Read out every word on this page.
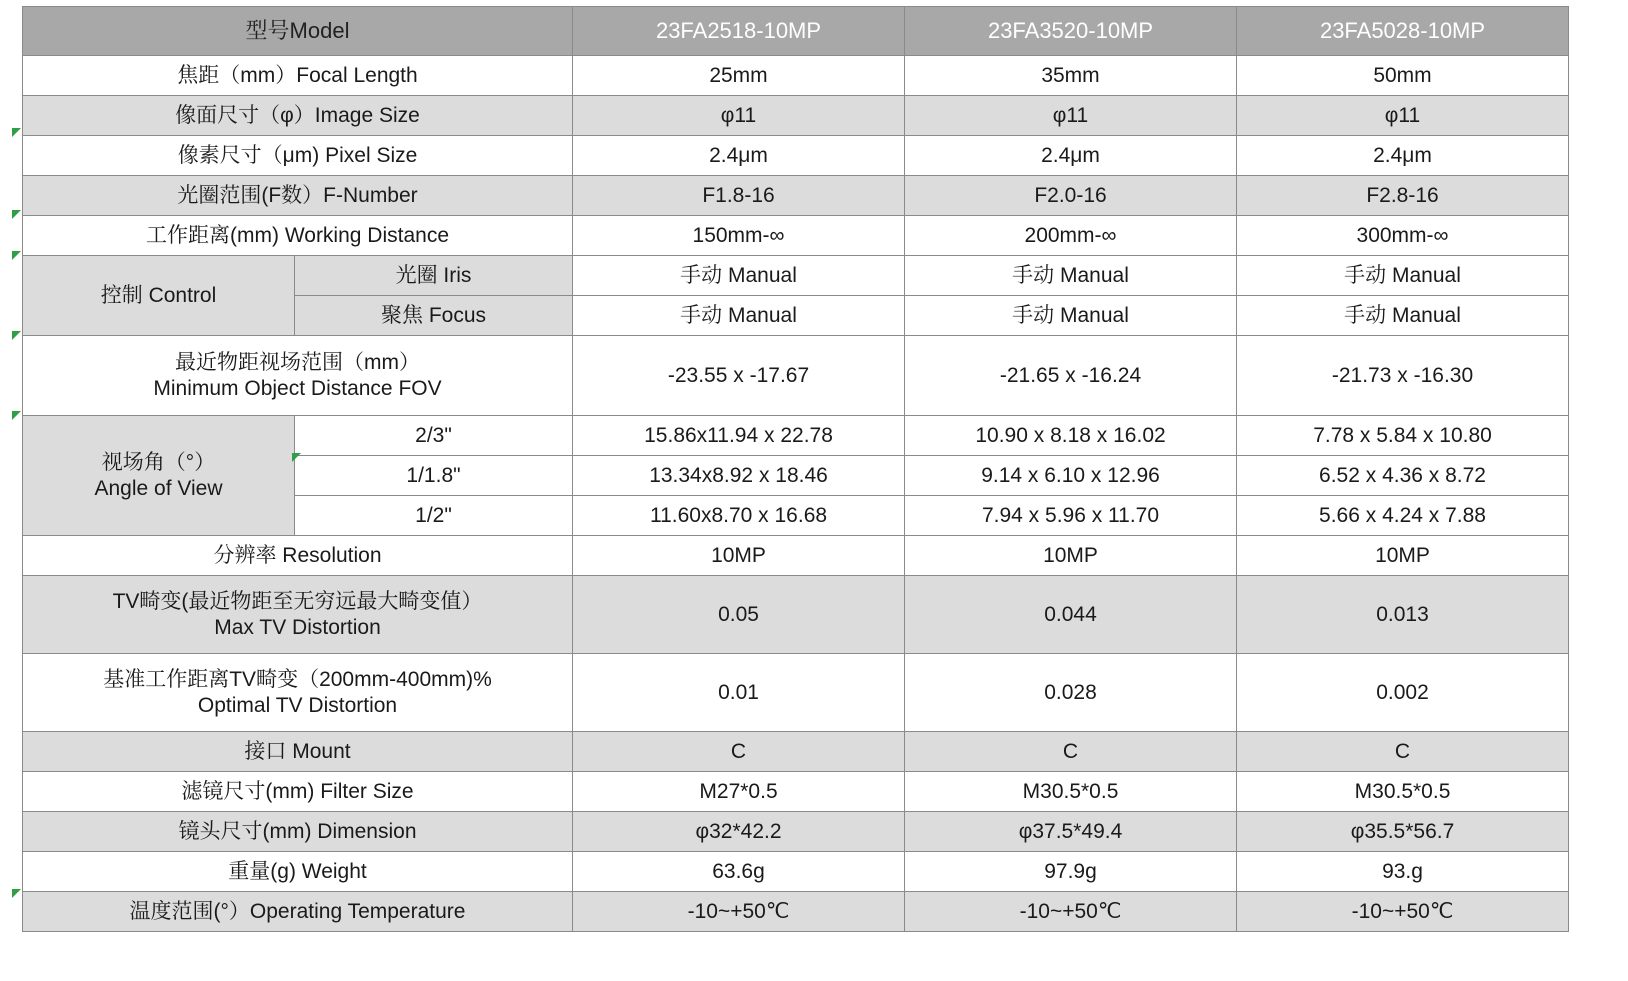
型号Model		23FA2518-10MP	23FA3520-10MP	23FA5028-10MP
焦距（mm）Focal Length		25mm	35mm	50mm
像面尺寸（φ）Image Size		φ11	φ11	φ11
像素尺寸（μm) Pixel Size		2.4μm	2.4μm	2.4μm
光圈范围(F数）F-Number		F1.8-16	F2.0-16	F2.8-16
工作距离(mm) Working Distance		150mm-∞	200mm-∞	300mm-∞
控制 Control	光圈 Iris	手动 Manual	手动 Manual	手动 Manual
	聚焦 Focus	手动 Manual	手动 Manual	手动 Manual

最近物距视场范围（mm）
Minimum Object Distance FOV		-23.55 x -17.67	-21.65 x -16.24	-21.73 x -16.30

视场角（°）
Angle of View	2/3"	15.86x11.94 x 22.78	10.90 x 8.18 x 16.02	7.78 x 5.84 x 10.80
	1/1.8"	13.34x8.92 x 18.46	9.14 x 6.10 x 12.96	6.52 x 4.36 x 8.72
	1/2"	11.60x8.70 x 16.68	7.94 x 5.96 x 11.70	5.66 x 4.24 x 7.88
分辨率 Resolution		10MP	10MP	10MP

TV畸变(最近物距至无穷远最大畸变值）
Max TV Distortion		0.05	0.044	0.013

基准工作距离TV畸变（200mm-400mm)%
Optimal TV Distortion		0.01	0.028	0.002
接口 Mount		C	C	C
滤镜尺寸(mm) Filter Size		M27*0.5	M30.5*0.5	M30.5*0.5
镜头尺寸(mm) Dimension		φ32*42.2	φ37.5*49.4	φ35.5*56.7
重量(g) Weight		63.6g	97.9g	93.g
温度范围(°）Operating Temperature		-10~+50℃	-10~+50℃	-10~+50℃
